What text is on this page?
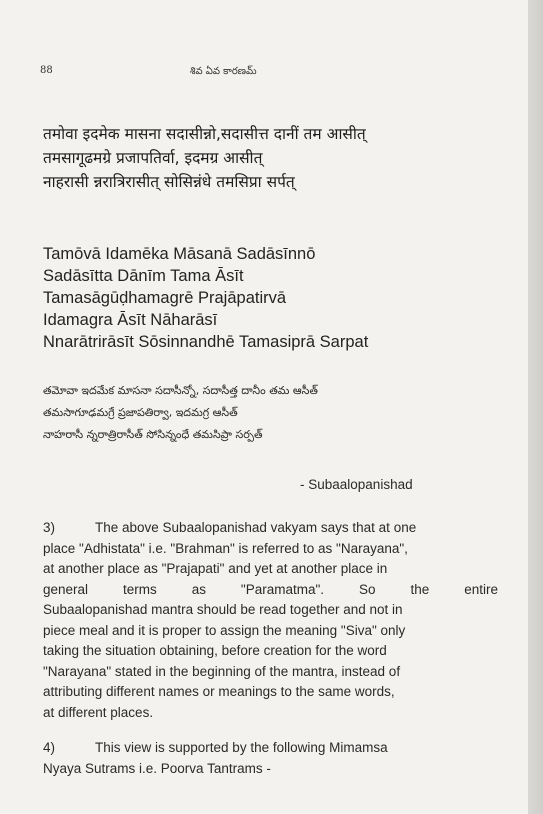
88	శివ ఏవ కారణమ్
तमोवा इदमेक मासना सदासीन्नो,सदासीत्त दानीं तम आसीत्
तमसागूढमग्रे प्रजापतिर्वा, इदमग्र आसीत्
नाहरासी न्नरात्रिरासीत् सोसिन्नंधे तमसिप्रा सर्पत्
Tamōvā Idamēka Māsanā Sadāsīnnō
Sadāsītta Dānīm Tama Āsīt
Tamasāgūḍhamagrē Prajāpatirvā
Idamagra Āsīt Nāharāsī
Nnarātrirāsīt Sōsinnandhē Tamasiprā Sarpat
తమోవా ఇదమేక మాసనా సదాసీన్నో, సదాసీత్త దానీం తమ ఆసీత్
తమసాగూఢమగ్రే ప్రజాపతిర్వా, ఇదమగ్ర ఆసీత్
నాహరాసీ న్నరాత్రిరాసీత్ సోసిన్నంధే తమసిప్రా సర్పత్
- Subaalopanishad
3)	The above Subaalopanishad vakyam says that at one
place "Adhistata" i.e. "Brahman" is referred to as "Narayana",
at another place as "Prajapati" and yet at another place in
general	terms	as	"Paramatma".	So	the	entire
Subaalopanishad mantra should be read together and not in
piece meal and it is proper to assign the meaning "Siva" only
taking the situation obtaining, before creation for the word
"Narayana" stated in the beginning of the mantra, instead of
attributing different names or meanings to the same words,
at different places.
4)	This view is supported by the following Mimamsa
Nyaya Sutrams i.e. Poorva Tantrams -
